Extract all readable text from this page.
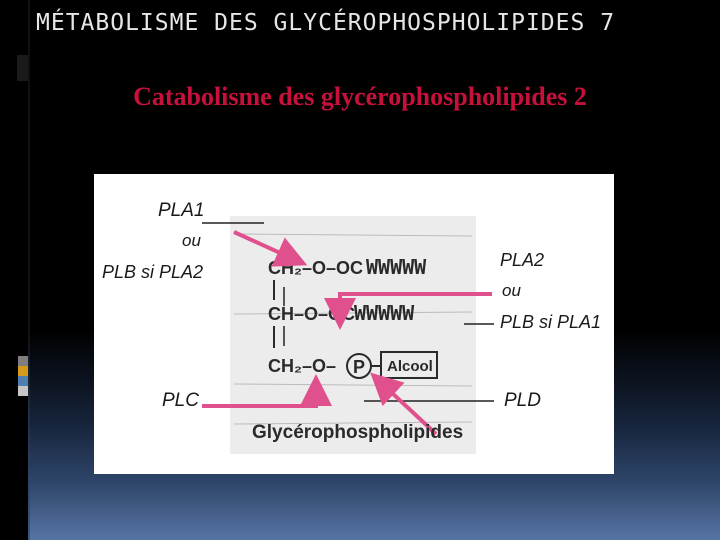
MÉTABOLISME DES GLYCÉROPHOSPHOLIPIDES 7
Catabolisme des glycérophospholipides 2
PLA1
ou
PLB si PLA2
PLA2
ou
PLB si PLA1
PLC	PLD
CH₂–O–OC WWWWW
CH–O–OC
WWWWW
CH₂–O– P Alcool
Glycérophospholipides
